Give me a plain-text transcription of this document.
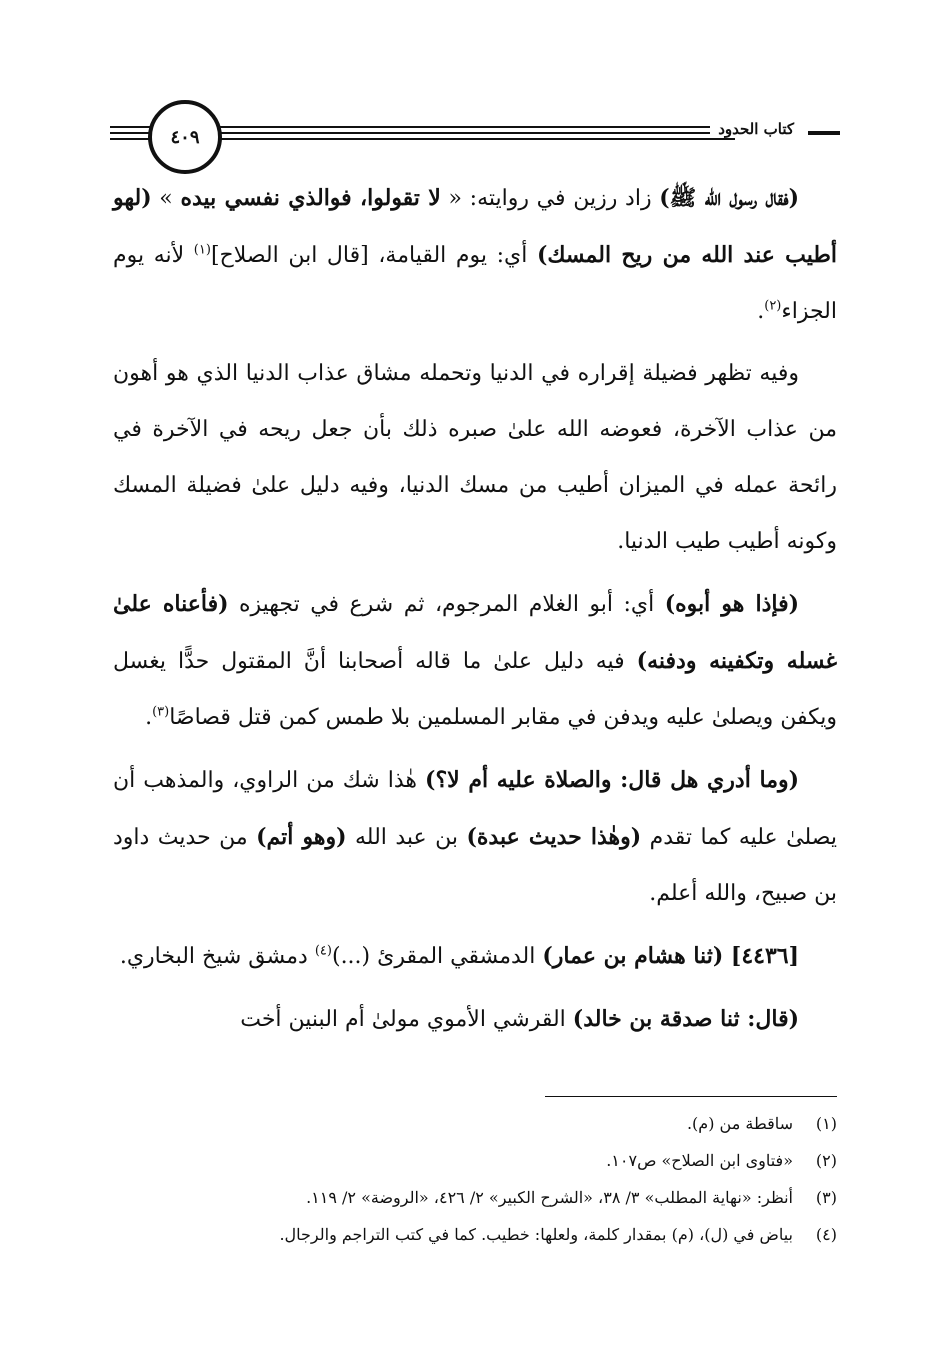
٤٠٩	كتاب الحدود

(فقال رسول الله ﷺ) زاد رزين في روايته: « لا تقولوا، فوالذي نفسي بيده » (لهو أطيب عند الله من ريح المسك) أي: يوم القيامة، [قال ابن الصلاح]$^{(١)}$ لأنه يوم الجزاء$^{(٢)}$.

وفيه تظهر فضيلة إقراره في الدنيا وتحمله مشاق عذاب الدنيا الذي هو أهون من عذاب الآخرة، فعوضه الله علىٰ صبره ذلك بأن جعل ريحه في الآخرة في رائحة عمله في الميزان أطيب من مسك الدنيا، وفيه دليل علىٰ فضيلة المسك وكونه أطيب طيب الدنيا.

(فإذا هو أبوه) أي: أبو الغلام المرجوم، ثم شرع في تجهيزه (فأعناه علىٰ غسله وتكفينه ودفنه) فيه دليل علىٰ ما قاله أصحابنا أنَّ المقتول حدًّا يغسل ويكفن ويصلىٰ عليه ويدفن في مقابر المسلمين بلا طمس كمن قتل قصاصًا$^{(٣)}$.

(وما أدري هل قال: والصلاة عليه أم لا؟) هٰذا شك من الراوي، والمذهب أن يصلىٰ عليه كما تقدم (وهٰذا حديث عبدة) بن عبد الله (وهو أتم) من حديث داود بن صبيح، والله أعلم.

[٤٤٣٦] (ثنا هشام بن عمار) الدمشقي المقرئ (...)$^{(٤)}$ دمشق شيخ البخاري.

(قال: ثنا صدقة بن خالد) القرشي الأموي مولىٰ أم البنين أخت

(١)
ساقطة من (م).
(٢)
«فتاوى ابن الصلاح» ص١٠٧.
(٣)
أنظر: «نهاية المطلب» ٣/ ٣٨، «الشرح الكبير» ٢/ ٤٢٦، «الروضة» ٢/ ١١٩.
(٤)
بياض في (ل)، (م) بمقدار كلمة، ولعلها: خطيب. كما في كتب التراجم والرجال.
